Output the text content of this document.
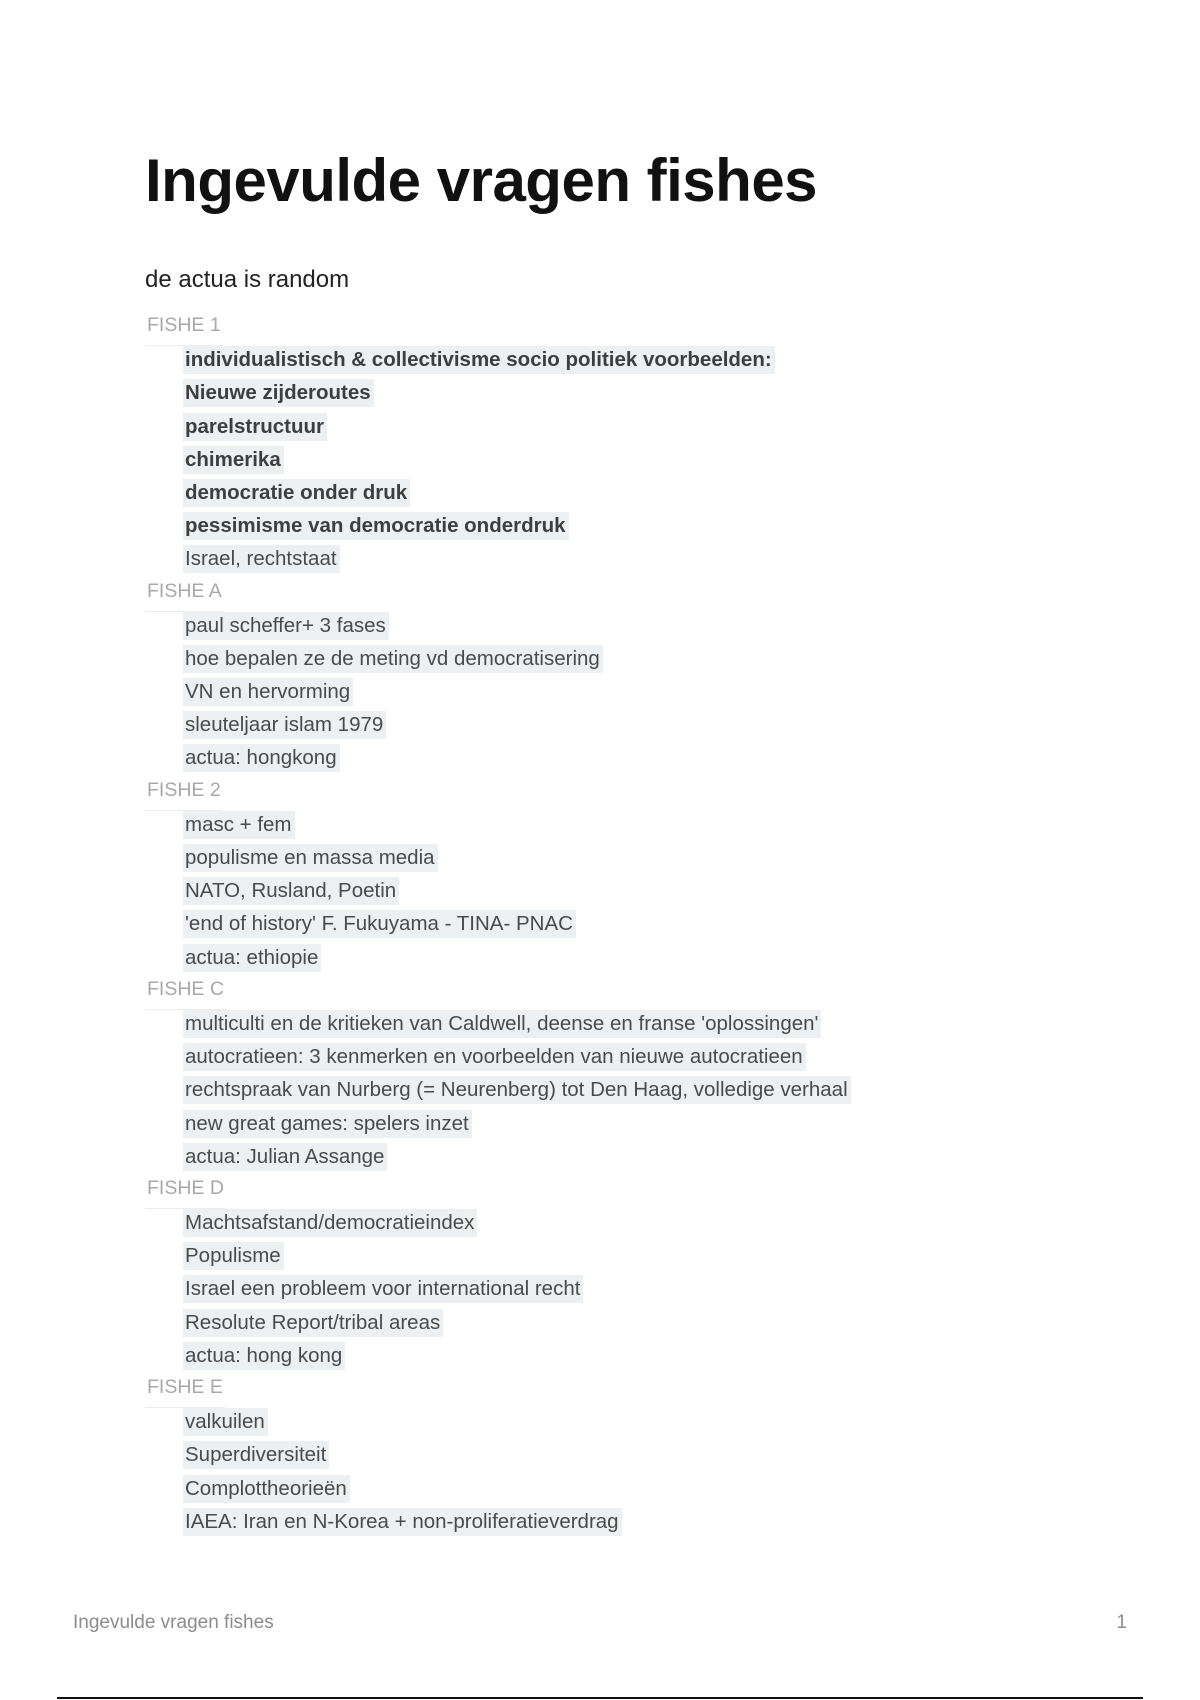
Ingevulde vragen fishes
de actua is random
FISHE 1
individualistisch & collectivisme socio politiek voorbeelden:
Nieuwe zijderoutes
parelstructuur
chimerika
democratie onder druk
pessimisme van democratie onderdruk
Israel, rechtstaat
FISHE A
paul scheffer+ 3 fases
hoe bepalen ze de meting vd democratisering
VN en hervorming
sleuteljaar islam 1979
actua: hongkong
FISHE 2
masc + fem
populisme en massa media
NATO, Rusland, Poetin
'end of history' F. Fukuyama - TINA- PNAC
actua: ethiopie
FISHE C
multiculti en de kritieken van Caldwell, deense en franse 'oplossingen'
autocratieen: 3 kenmerken en voorbeelden van nieuwe autocratieen
rechtspraak van Nurberg (= Neurenberg) tot Den Haag, volledige verhaal
new great games: spelers inzet
actua: Julian Assange
FISHE D
Machtsafstand/democratieindex
Populisme
Israel een probleem voor international recht
Resolute Report/tribal areas
actua: hong kong
FISHE E
valkuilen
Superdiversiteit
Complottheorieën
IAEA: Iran en N-Korea + non-proliferatieverdrag
Ingevulde vragen fishes	1
